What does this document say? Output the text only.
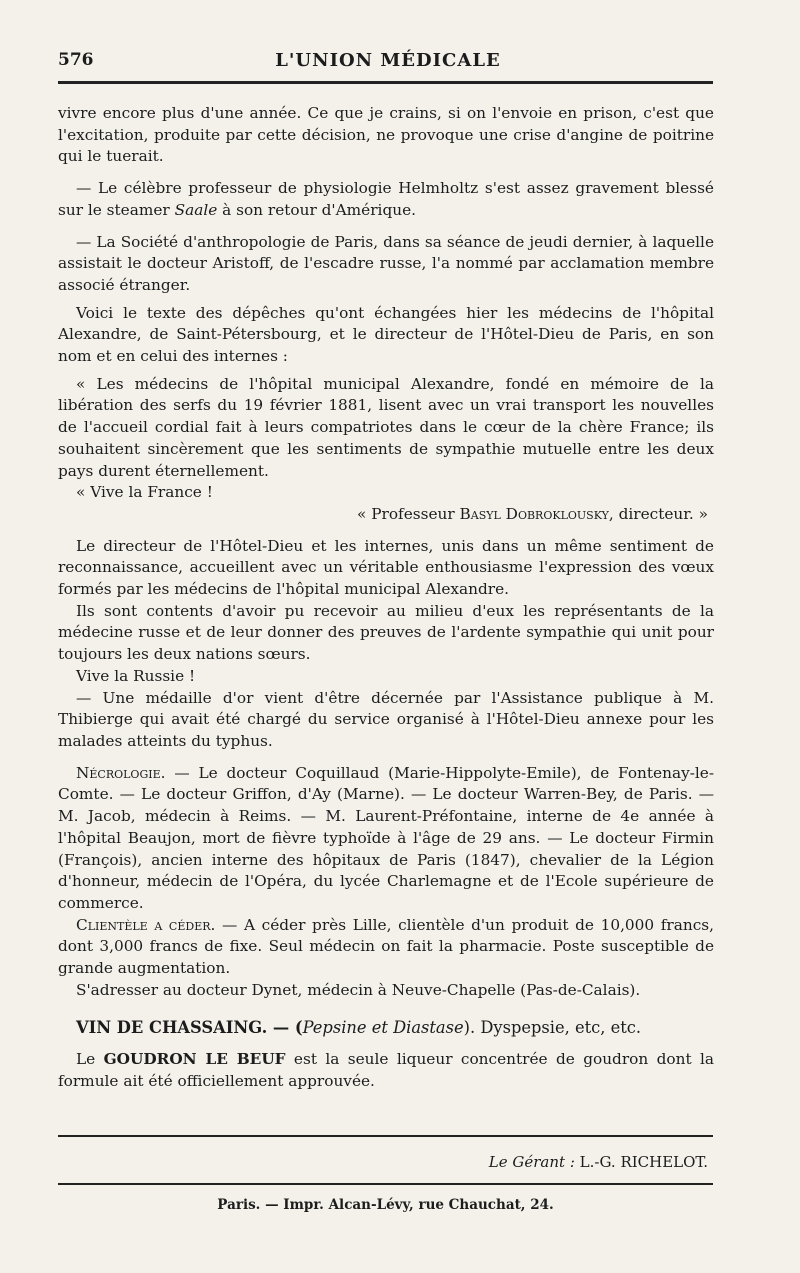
576	L'UNION MÉDICALE

vivre encore plus d'une année. Ce que je crains, si on l'envoie en prison, c'est que l'excitation, produite par cette décision, ne provoque une crise d'angine de poitrine qui le tuerait.

— Le célèbre professeur de physiologie Helmholtz s'est assez gravement blessé sur le steamer Saale à son retour d'Amérique.

— La Société d'anthropologie de Paris, dans sa séance de jeudi dernier, à laquelle assistait le docteur Aristoff, de l'escadre russe, l'a nommé par acclamation membre associé étranger.

Voici le texte des dépêches qu'ont échangées hier les médecins de l'hôpital Alexandre, de Saint-Pétersbourg, et le directeur de l'Hôtel-Dieu de Paris, en son nom et en celui des internes :

« Les médecins de l'hôpital municipal Alexandre, fondé en mémoire de la libération des serfs du 19 février 1881, lisent avec un vrai transport les nouvelles de l'accueil cordial fait à leurs compatriotes dans le cœur de la chère France; ils souhaitent sincèrement que les sentiments de sympathie mutuelle entre les deux pays durent éternellement.

« Vive la France !

« Professeur Basyl Dobroklousky, directeur. »

Le directeur de l'Hôtel-Dieu et les internes, unis dans un même sentiment de reconnaissance, accueillent avec un véritable enthousiasme l'expression des vœux formés par les médecins de l'hôpital municipal Alexandre.

Ils sont contents d'avoir pu recevoir au milieu d'eux les représentants de la médecine russe et de leur donner des preuves de l'ardente sympathie qui unit pour toujours les deux nations sœurs.

Vive la Russie !

— Une médaille d'or vient d'être décernée par l'Assistance publique à M. Thibierge qui avait été chargé du service organisé à l'Hôtel-Dieu annexe pour les malades atteints du typhus.

Nécrologie. — Le docteur Coquillaud (Marie-Hippolyte-Emile), de Fontenay-le-Comte. — Le docteur Griffon, d'Ay (Marne). — Le docteur Warren-Bey, de Paris. — M. Jacob, médecin à Reims. — M. Laurent-Préfontaine, interne de 4e année à l'hôpital Beaujon, mort de fièvre typhoïde à l'âge de 29 ans. — Le docteur Firmin (François), ancien interne des hôpitaux de Paris (1847), chevalier de la Légion d'honneur, médecin de l'Opéra, du lycée Charlemagne et de l'Ecole supérieure de commerce.

Clientèle a céder. — A céder près Lille, clientèle d'un produit de 10,000 francs, dont 3,000 francs de fixe. Seul médecin on fait la pharmacie. Poste susceptible de grande augmentation.

S'adresser au docteur Dynet, médecin à Neuve-Chapelle (Pas-de-Calais).

VIN DE CHASSAING. — (Pepsine et Diastase). Dyspepsie, etc, etc.

Le GOUDRON LE BEUF est la seule liqueur concentrée de goudron dont la formule ait été officiellement approuvée.

Le Gérant : L.-G. RICHELOT.
Paris. — Impr. Alcan-Lévy, rue Chauchat, 24.
